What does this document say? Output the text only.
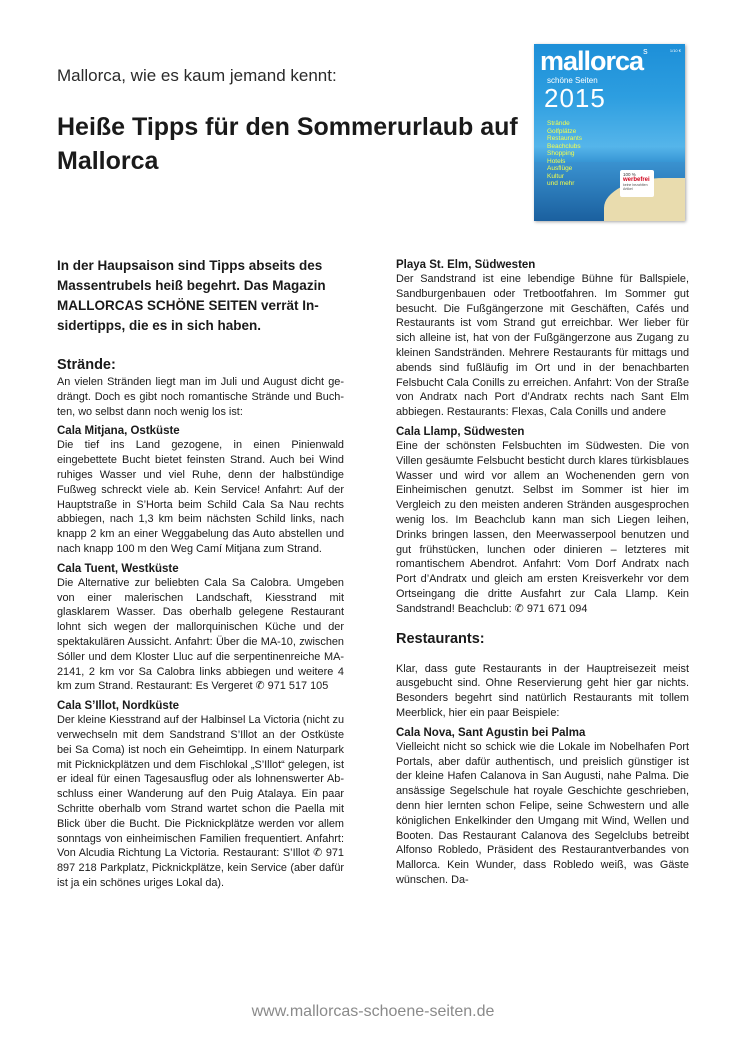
Mallorca, wie es kaum jemand kennt:
Heiße Tipps für den Sommerurlaub auf Mallorca
1/10 €
mallorca$^s$
schöne Seiten
2015
Strände
Golfplätze
Restaurants
Beachclubs
Shopping
Hotels
Ausflüge
Kultur
und mehr
100 %
werbefrei
keine bezahlten Artikel

In der Haupsaison sind Tipps abseits des Massentrubels heiß begehrt. Das Magazin MALLORCAS SCHÖNE SEITEN verrät Insidertipps, die es in sich haben.

Strände:

An vielen Stränden liegt man im Juli und August dicht gedrängt. Doch es gibt noch romantische Strände und Buchten, wo selbst dann noch wenig los ist:

Cala Mitjana, Ostküste

Die tief ins Land gezogene, in einen Pinienwald eingebettete Bucht bietet feinsten Strand. Auch bei Wind ruhiges Wasser und viel Ruhe, denn der halbstündige Fußweg schreckt viele ab. Kein Service! Anfahrt: Auf der Hauptstraße in S’Horta beim Schild Cala Sa Nau rechts abbiegen, nach 1,3 km beim nächsten Schild links, nach knapp 2 km an einer Weggabelung das Auto abstellen und nach knapp 100 m den Weg Camí Mitjana zum Strand.

Cala Tuent, Westküste

Die Alternative zur beliebten Cala Sa Calobra. Umgeben von einer malerischen Landschaft, Kiesstrand mit glasklarem Wasser. Das oberhalb gelegene Restaurant lohnt sich wegen der mallorquinischen Küche und der spektakulären Aussicht. Anfahrt: Über die MA-10, zwischen Sóller und dem Kloster Lluc auf die serpentinenreiche MA-2141, 2 km vor Sa Calobra links abbiegen und weitere 4 km zum Strand. Restaurant: Es Vergeret ✆ 971 517 105

Cala S’Illot, Nordküste

Der kleine Kiesstrand auf der Halbinsel La Victoria (nicht zu verwechseln mit dem Sandstrand S’Illot an der Ostküste bei Sa Coma) ist noch ein Geheimtipp. In einem Naturpark mit Picknickplätzen und dem Fischlokal „S’Illot“ gelegen, ist er ideal für einen Tagesausflug oder als lohnenswerter Abschluss einer Wanderung auf den Puig Atalaya. Ein paar Schritte oberhalb vom Strand wartet schon die Paella mit Blick über die Bucht. Die Picknickplätze werden vor allem sonntags von einheimischen Familien frequentiert. Anfahrt: Von Alcudia Richtung La Victoria. Restaurant: S’Illot ✆ 971 897 218 Parkplatz, Picknickplätze, kein Service (aber dafür ist ja ein schönes uriges Lokal da).

Playa St. Elm, Südwesten

Der Sandstrand ist eine lebendige Bühne für Ballspiele, Sandburgenbauen oder Tretbootfahren. Im Sommer gut besucht. Die Fußgängerzone mit Geschäften, Cafés und Restaurants ist vom Strand gut erreichbar. Wer lieber für sich alleine ist, hat von der Fußgängerzone aus Zugang zu kleinen Sandstränden. Mehrere Restaurants für mittags und abends sind fußläufig im Ort und in der benachbarten Felsbucht Cala Conills zu erreichen. Anfahrt: Von der Straße von Andratx nach Port d’Andratx rechts nach Sant Elm abbiegen. Restaurants: Flexas, Cala Conills und andere

Cala Llamp, Südwesten

Eine der schönsten Felsbuchten im Südwesten. Die von Villen gesäumte Felsbucht besticht durch klares türkisblaues Wasser und wird vor allem an Wochenenden gern von Einheimischen genutzt. Selbst im Sommer ist hier im Vergleich zu den meisten anderen Stränden ausgesprochen wenig los. Im Beachclub kann man sich Liegen leihen, Drinks bringen lassen, den Meerwasserpool benutzen und gut frühstücken, lunchen oder dinieren – letzteres mit romantischem Abendrot. Anfahrt: Vom Dorf Andratx nach Port d’Andratx und gleich am ersten Kreisverkehr vor dem Ortseingang die dritte Ausfahrt zur Cala Llamp. Kein Sandstrand! Beachclub: ✆ 971 671 094

Restaurants:

Klar, dass gute Restaurants in der Hauptreisezeit meist ausgebucht sind. Ohne Reservierung geht hier gar nichts. Besonders begehrt sind natürlich Restaurants mit tollem Meerblick, hier ein paar Beispiele:

Cala Nova, Sant Agustin bei Palma

Vielleicht nicht so schick wie die Lokale im Nobelhafen Port Portals, aber dafür authentisch, und preislich günstiger ist der kleine Hafen Calanova in San Augusti, nahe Palma. Die ansässige Segelschule hat royale Geschichte geschrieben, denn hier lernten schon Felipe, seine Schwestern und alle königlichen Enkelkinder den Umgang mit Wind, Wellen und Booten. Das Restaurant Calanova des Segelclubs betreibt Alfonso Robledo, Präsident des Restaurantverbandes von Mallorca. Kein Wunder, dass Robledo weiß, was Gäste wünschen. Da-

www.mallorcas-schoene-seiten.de
